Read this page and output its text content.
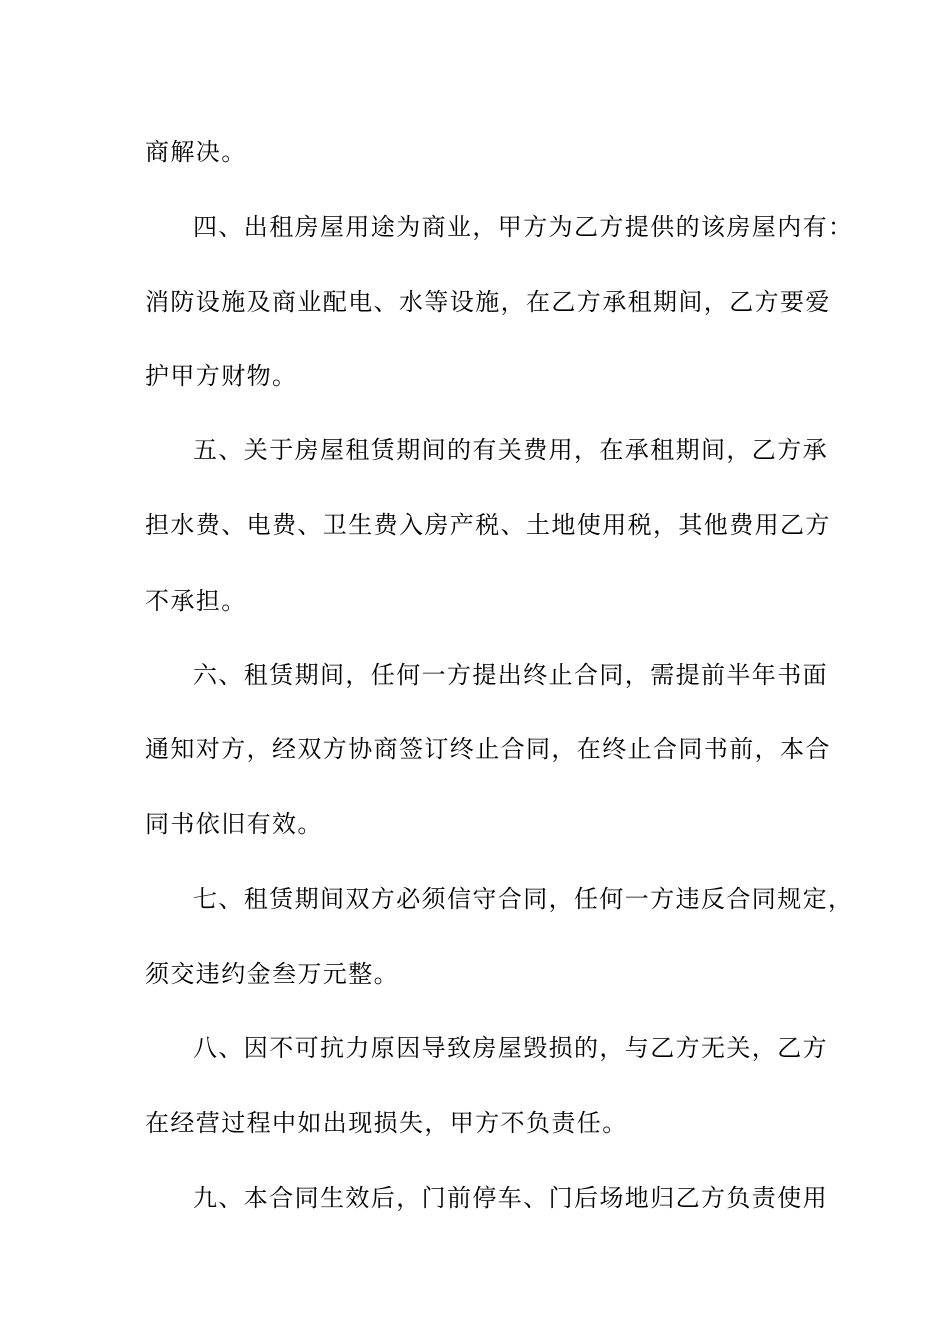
商解决。
四、出租房屋用途为商业，甲方为乙方提供的该房屋内有：
消防设施及商业配电、水等设施，在乙方承租期间，乙方要爱
护甲方财物。
五、关于房屋租赁期间的有关费用，在承租期间，乙方承
担水费、电费、卫生费入房产税、土地使用税，其他费用乙方
不承担。
六、租赁期间，任何一方提出终止合同，需提前半年书面
通知对方，经双方协商签订终止合同，在终止合同书前，本合
同书依旧有效。
七、租赁期间双方必须信守合同，任何一方违反合同规定，
须交违约金叁万元整。
八、因不可抗力原因导致房屋毁损的，与乙方无关，乙方
在经营过程中如出现损失，甲方不负责任。
九、本合同生效后，门前停车、门后场地归乙方负责使用
